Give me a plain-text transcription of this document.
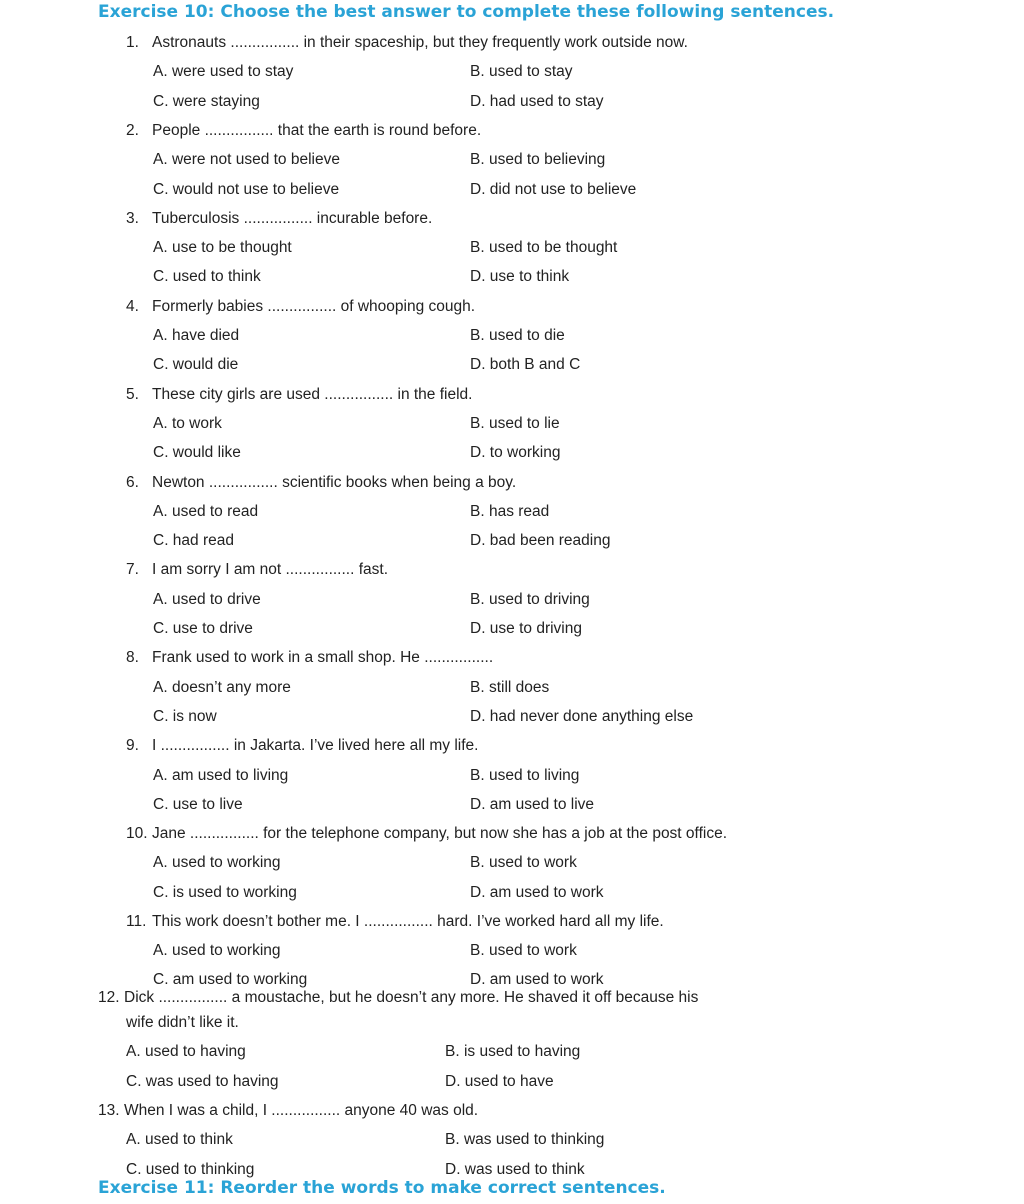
Exercise 10: Choose the best answer to complete these following sentences.
1. Astronauts ................ in their spaceship, but they frequently work outside now.
A. were used to stay	B. used to stay
C. were staying	D. had used to stay
2. People ................ that the earth is round before.
A. were not used to believe	B. used to believing
C. would not use to believe	D. did not use to believe
3. Tuberculosis ................ incurable before.
A. use to be thought	B. used to be thought
C. used to think	D. use to think
4. Formerly babies ................ of whooping cough.
A. have died	B. used to die
C. would die	D. both B and C
5. These city girls are used ................ in the field.
A. to work	B. used to lie
C. would like	D. to working
6. Newton ................ scientific books when being a boy.
A. used to read	B. has read
C. had read	D. bad been reading
7. I am sorry I am not ................ fast.
A. used to drive	B. used to driving
C. use to drive	D. use to driving
8. Frank used to work in a small shop. He ................
A. doesn’t any more	B. still does
C. is now	D. had never done anything else
9. I ................ in Jakarta. I’ve lived here all my life.
A. am used to living	B. used to living
C. use to live	D. am used to live
10. Jane ................ for the telephone company, but now she has a job at the post office.
A. used to working	B. used to work
C. is used to working	D. am used to work
11. This work doesn’t bother me. I ................ hard. I’ve worked hard all my life.
A. used to working	B. used to work
C. am used to working	D. am used to work
12. Dick ................ a moustache, but he doesn’t any more. He shaved it off because his
wife didn’t like it.
A. used to having	B. is used to having
C. was used to having	D. used to have
13. When I was a child, I ................ anyone 40 was old.
A. used to think	B. was used to thinking
C. used to thinking	D. was used to think
Exercise 11: Reorder the words to make correct sentences.
